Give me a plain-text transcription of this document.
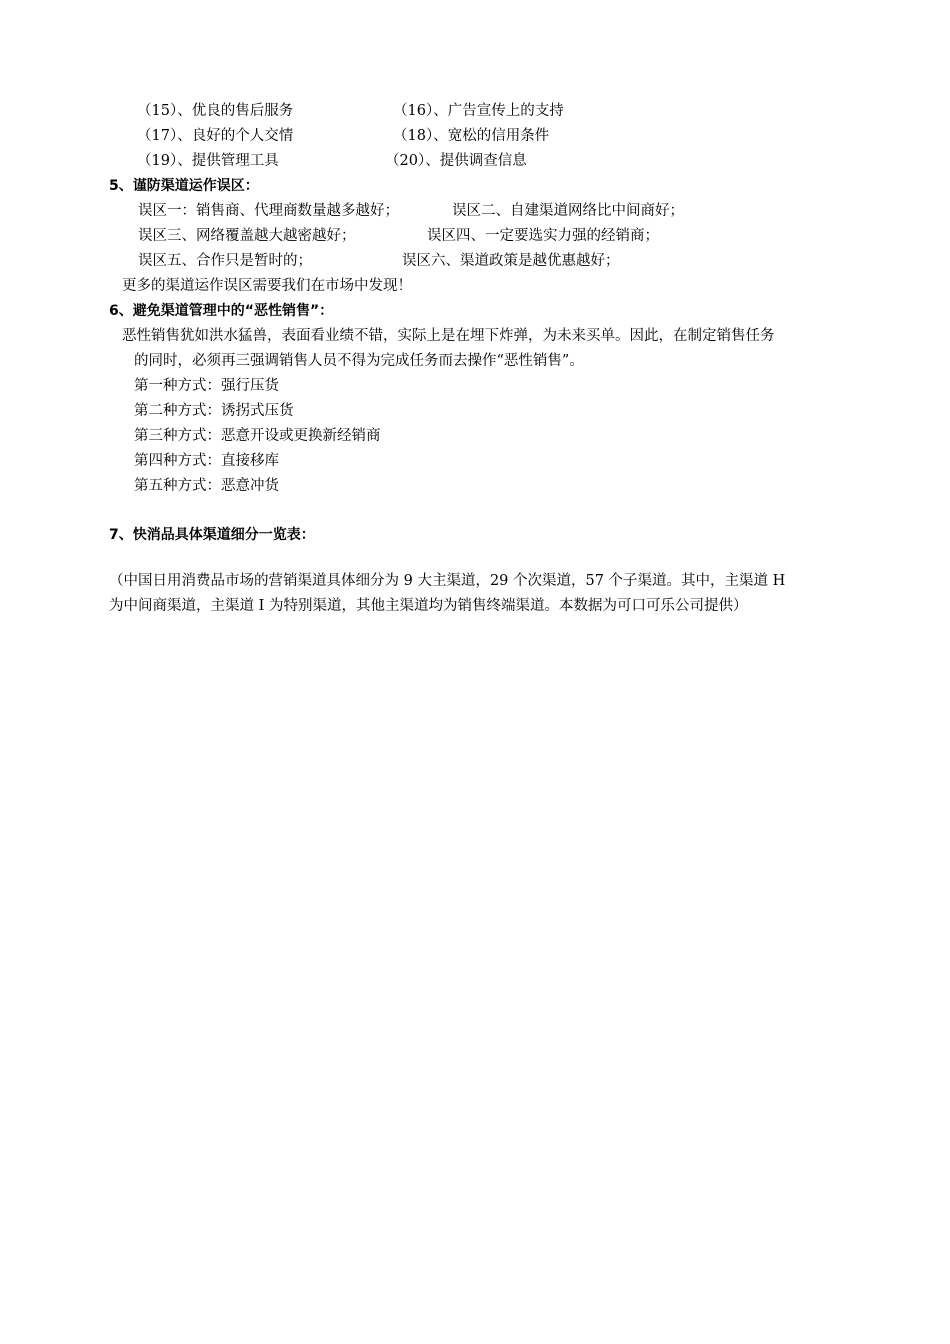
（15）、优良的售后服务	（16）、广告宣传上的支持
（17）、良好的个人交情	（18）、宽松的信用条件
（19）、提供管理工具	（20）、提供调查信息
5、谨防渠道运作误区：
误区一：销售商、代理商数量越多越好；	误区二、自建渠道网络比中间商好；
误区三、网络覆盖越大越密越好；	误区四、一定要选实力强的经销商；
误区五、合作只是暂时的；	误区六、渠道政策是越优惠越好；
更多的渠道运作误区需要我们在市场中发现！
6、避免渠道管理中的“恶性销售”：
恶性销售犹如洪水猛兽，表面看业绩不错，实际上是在埋下炸弹，为未来买单。因此，在制定销售任务
的同时，必须再三强调销售人员不得为完成任务而去操作“恶性销售”。
第一种方式：强行压货
第二种方式：诱拐式压货
第三种方式：恶意开设或更换新经销商
第四种方式：直接移库
第五种方式：恶意冲货
7、快消品具体渠道细分一览表：
（中国日用消费品市场的营销渠道具体细分为 9 大主渠道，29 个次渠道，57 个子渠道。其中，主渠道 H
为中间商渠道，主渠道 I 为特别渠道，其他主渠道均为销售终端渠道。本数据为可口可乐公司提供）
